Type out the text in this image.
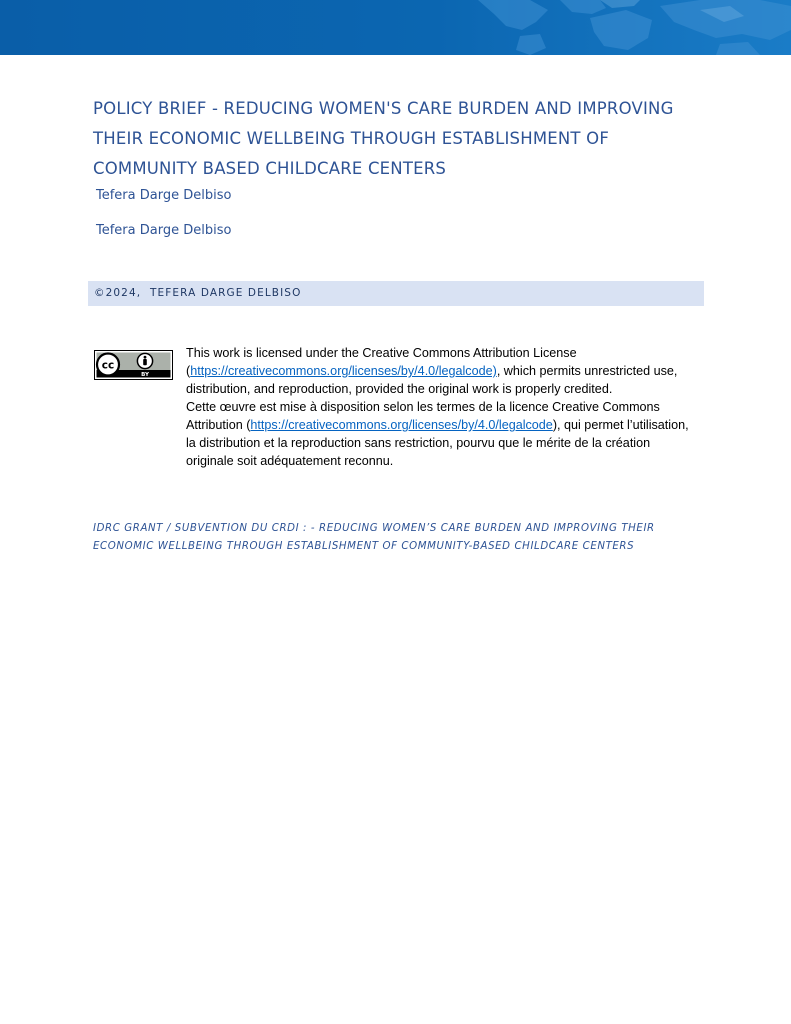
POLICY BRIEF - REDUCING WOMEN'S CARE BURDEN AND IMPROVING THEIR ECONOMIC WELLBEING THROUGH ESTABLISHMENT OF COMMUNITY BASED CHILDCARE CENTERS
Tefera Darge Delbiso
Tefera Darge Delbiso
©2024,  TEFERA DARGE DELBISO
cc
BY

This work is licensed under the Creative Commons Attribution License (https://creativecommons.org/licenses/by/4.0/legalcode), which permits unrestricted use, distribution, and reproduction, provided the original work is properly credited.

Cette œuvre est mise à disposition selon les termes de la licence Creative Commons Attribution (https://creativecommons.org/licenses/by/4.0/legalcode), qui permet l’utilisation, la distribution et la reproduction sans restriction, pourvu que le mérite de la création originale soit adéquatement reconnu.

IDRC GRANT / SUBVENTION DU CRDI : - REDUCING WOMEN’S CARE BURDEN AND IMPROVING THEIR ECONOMIC WELLBEING THROUGH ESTABLISHMENT OF COMMUNITY-BASED CHILDCARE CENTERS
